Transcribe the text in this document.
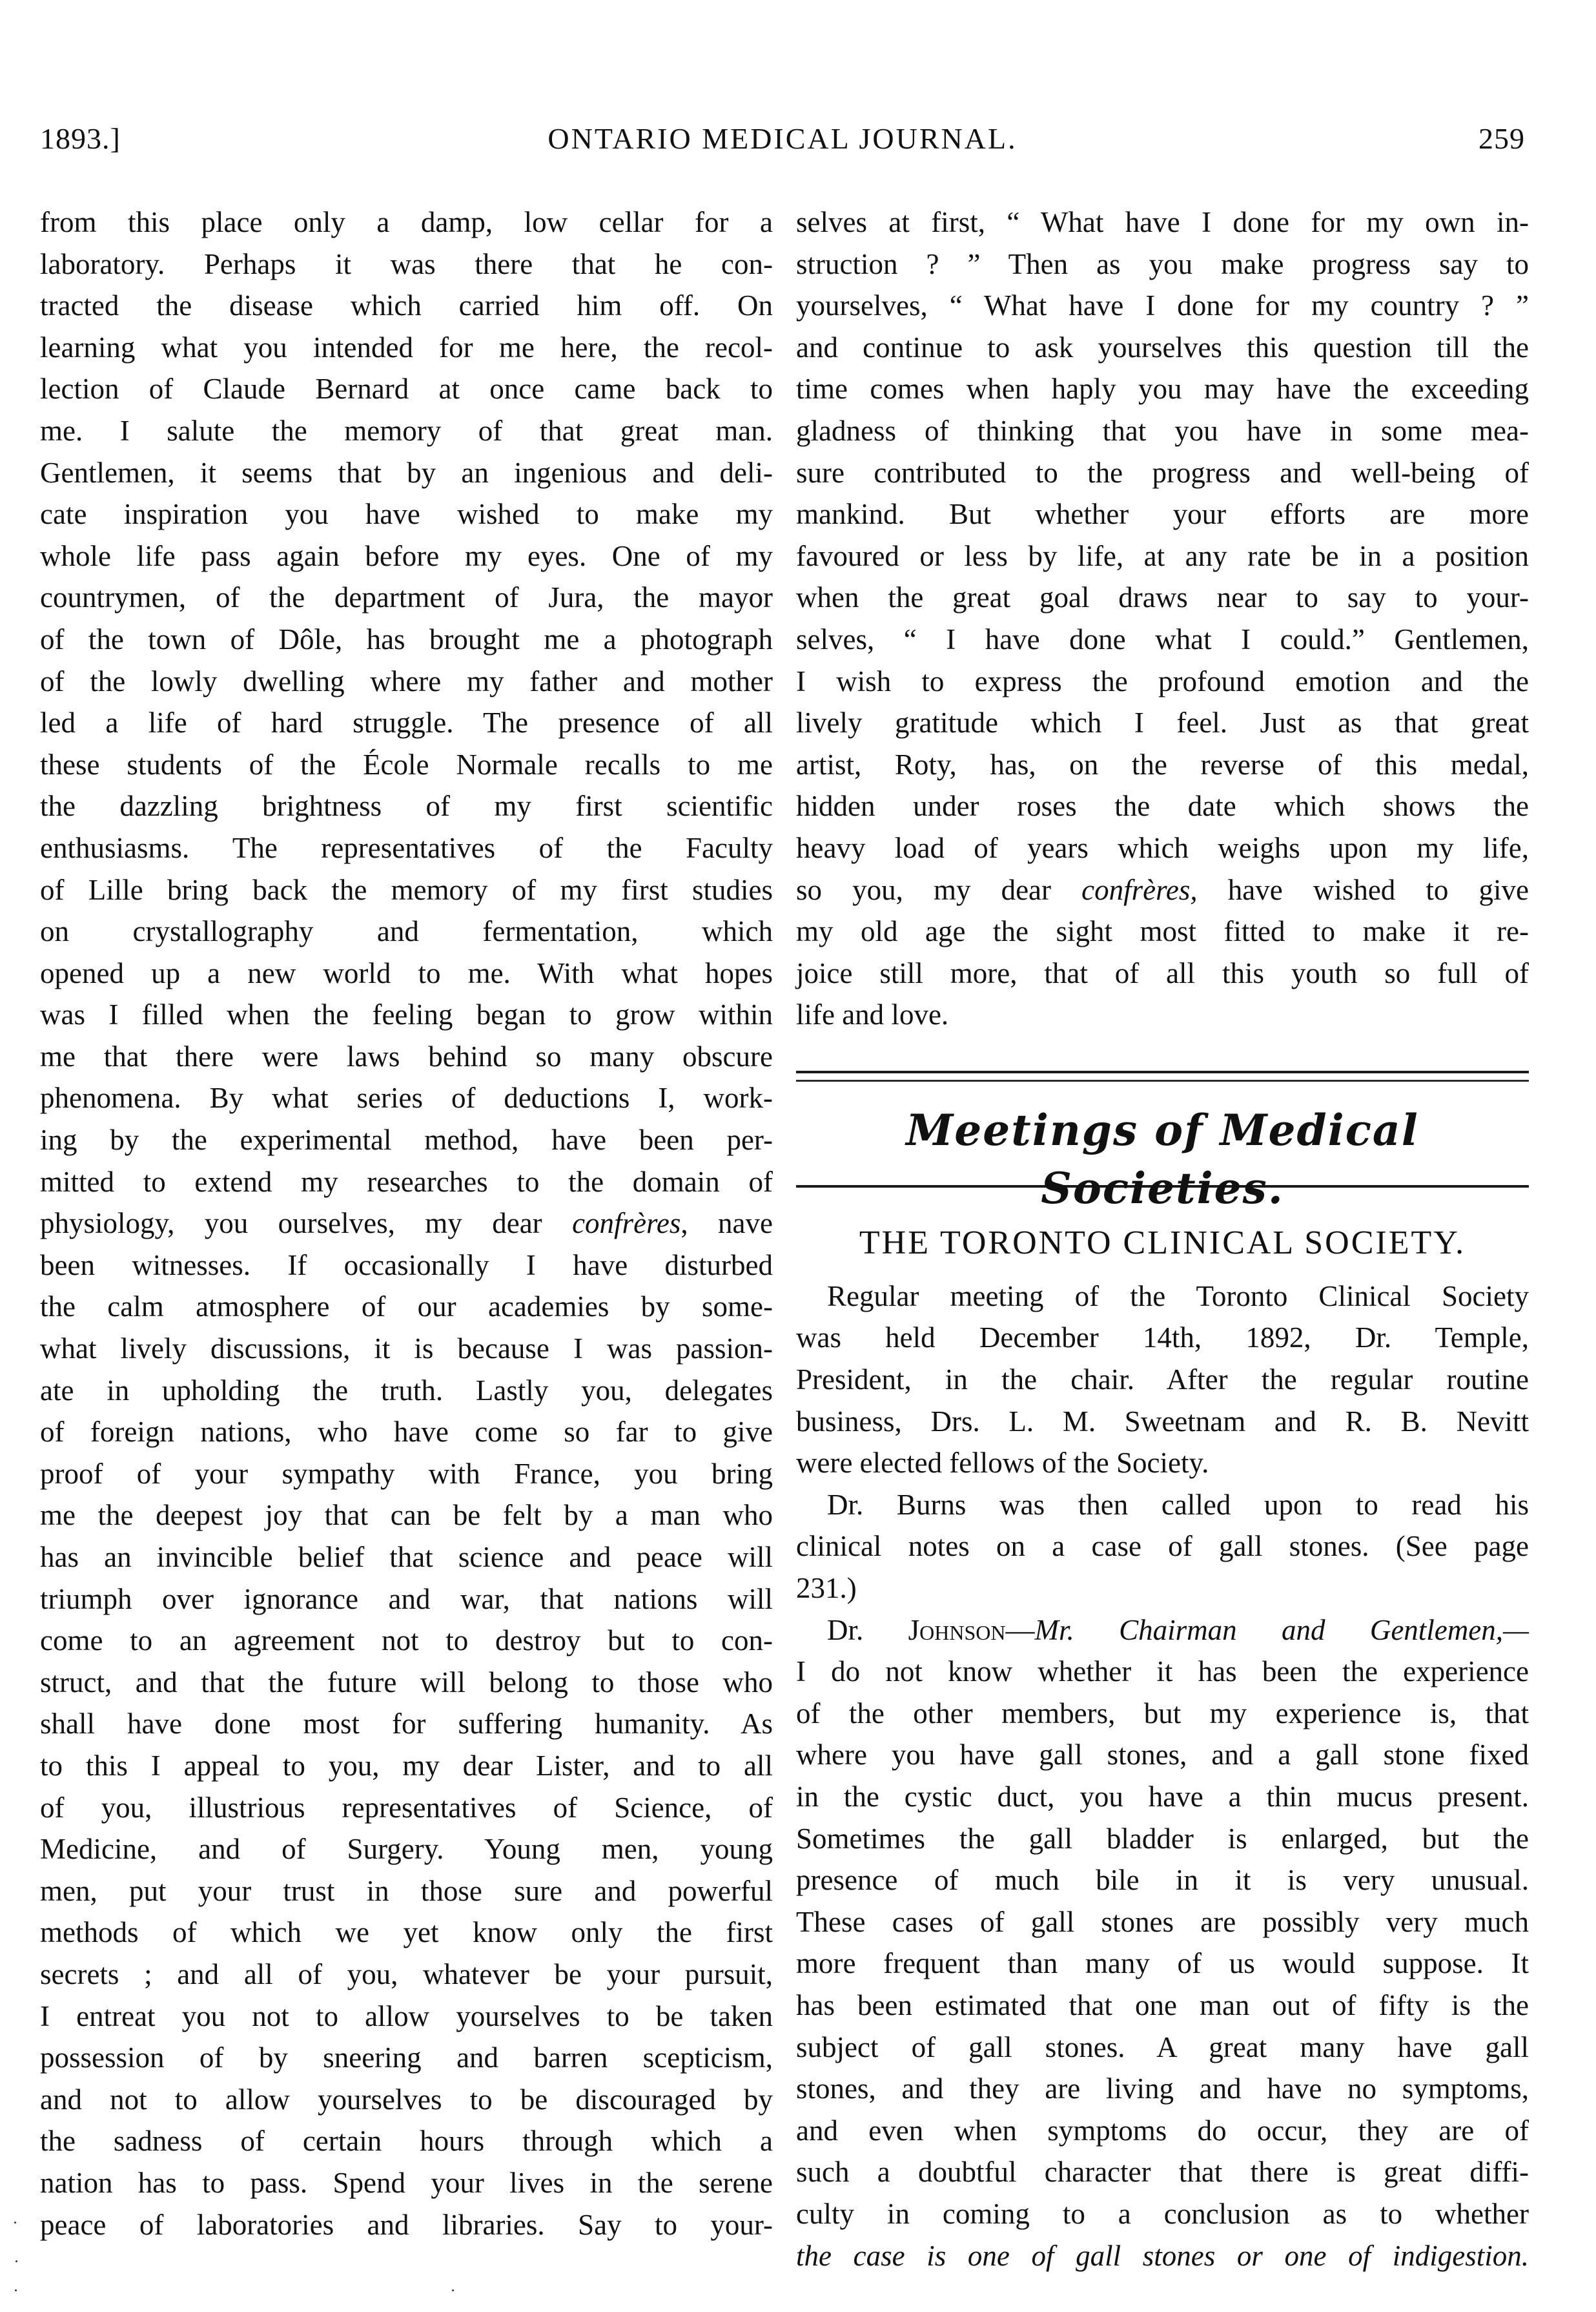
1893.]	ONTARIO MEDICAL JOURNAL.	259
from this place only a damp, low cellar for a
laboratory. Perhaps it was there that he con-
tracted the disease which carried him off. On
learning what you intended for me here, the recol-
lection of Claude Bernard at once came back to
me. I salute the memory of that great man.
Gentlemen, it seems that by an ingenious and deli-
cate inspiration you have wished to make my
whole life pass again before my eyes. One of my
countrymen, of the department of Jura, the mayor
of the town of Dôle, has brought me a photograph
of the lowly dwelling where my father and mother
led a life of hard struggle. The presence of all
these students of the École Normale recalls to me
the dazzling brightness of my first scientific
enthusiasms. The representatives of the Faculty
of Lille bring back the memory of my first studies
on crystallography and fermentation, which
opened up a new world to me. With what hopes
was I filled when the feeling began to grow within
me that there were laws behind so many obscure
phenomena. By what series of deductions I, work-
ing by the experimental method, have been per-
mitted to extend my researches to the domain of
physiology, you ourselves, my dear confrères, nave
been witnesses. If occasionally I have disturbed
the calm atmosphere of our academies by some-
what lively discussions, it is because I was passion-
ate in upholding the truth. Lastly you, delegates
of foreign nations, who have come so far to give
proof of your sympathy with France, you bring
me the deepest joy that can be felt by a man who
has an invincible belief that science and peace will
triumph over ignorance and war, that nations will
come to an agreement not to destroy but to con-
struct, and that the future will belong to those who
shall have done most for suffering humanity. As
to this I appeal to you, my dear Lister, and to all
of you, illustrious representatives of Science, of
Medicine, and of Surgery. Young men, young
men, put your trust in those sure and powerful
methods of which we yet know only the first
secrets ; and all of you, whatever be your pursuit,
I entreat you not to allow yourselves to be taken
possession of by sneering and barren scepticism,
and not to allow yourselves to be discouraged by
the sadness of certain hours through which a
nation has to pass. Spend your lives in the serene
peace of laboratories and libraries. Say to your-
selves at first, “ What have I done for my own in-
struction ? ” Then as you make progress say to
yourselves, “ What have I done for my country ? ”
and continue to ask yourselves this question till the
time comes when haply you may have the exceeding
gladness of thinking that you have in some mea-
sure contributed to the progress and well-being of
mankind. But whether your efforts are more
favoured or less by life, at any rate be in a position
when the great goal draws near to say to your-
selves, “ I have done what I could.” Gentlemen,
I wish to express the profound emotion and the
lively gratitude which I feel. Just as that great
artist, Roty, has, on the reverse of this medal,
hidden under roses the date which shows the
heavy load of years which weighs upon my life,
so you, my dear confrères, have wished to give
my old age the sight most fitted to make it re-
joice still more, that of all this youth so full of
life and love.
Meetings of Medical Societies.
THE TORONTO CLINICAL SOCIETY.
Regular meeting of the Toronto Clinical Society
was held December 14th, 1892, Dr. Temple,
President, in the chair. After the regular routine
business, Drs. L. M. Sweetnam and R. B. Nevitt
were elected fellows of the Society.
Dr. Burns was then called upon to read his
clinical notes on a case of gall stones. (See page
231.)
Dr. Johnson—Mr. Chairman and Gentlemen,—
I do not know whether it has been the experience
of the other members, but my experience is, that
where you have gall stones, and a gall stone fixed
in the cystic duct, you have a thin mucus present.
Sometimes the gall bladder is enlarged, but the
presence of much bile in it is very unusual.
These cases of gall stones are possibly very much
more frequent than many of us would suppose. It
has been estimated that one man out of fifty is the
subject of gall stones. A great many have gall
stones, and they are living and have no symptoms,
and even when symptoms do occur, they are of
such a doubtful character that there is great diffi-
culty in coming to a conclusion as to whether
the case is one of gall stones or one of indigestion.
